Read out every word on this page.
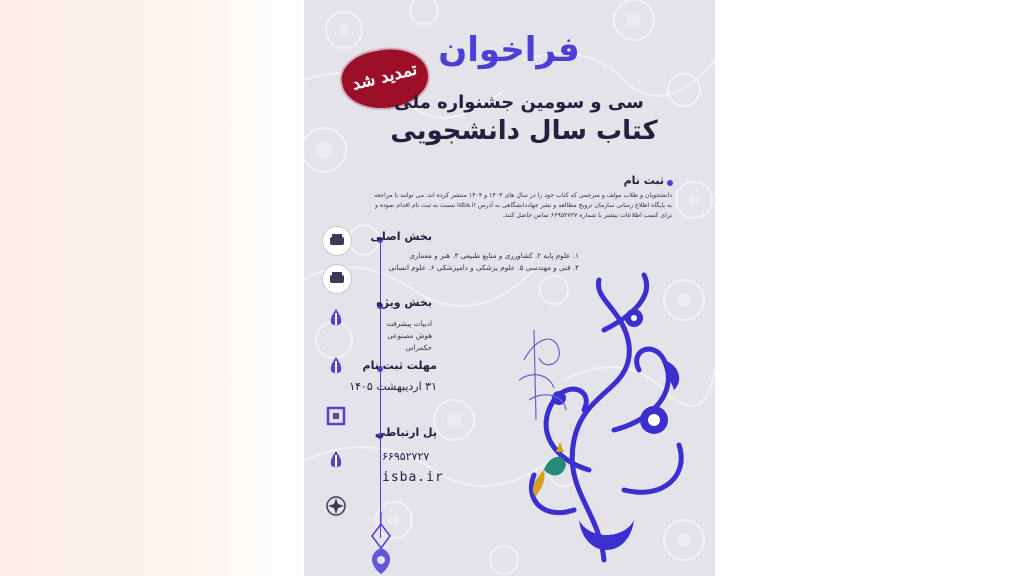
فراخوان

تمدید شد

سی و سومین جشنواره ملی

کتاب سال دانشجویی

ثبت نام

دانشجویان و طلاب مولف و مترجمی که کتاب خود را در سال های ۱۴۰۳ و ۱۴۰۴ منتشر کرده اند، می توانند با مراجعه به پایگاه اطلاع رسانی سازمان ترویج مطالعه و نشر جهاددانشگاهی به آدرس isba.ir نسبت به ثبت نام اقدام نموده و برای کسب اطلاعات بیشتر با شماره ۶۶۹۵۲۷۲۷ تماس حاصل کنند.

بخش اصلی

۱. علوم پایه ۲. کشاورزی و منابع طبیعی ۳. هنر و معماری

۴. فنی و مهندسی ۵. علوم پزشکی و دامپزشکی ۶. علوم انسانی

بخش ویژه

ادبیات پیشرفت

هوش مصنوعی

حکمرانی

مهلت ثبت نام

۳۱ اردیبهشت ۱۴۰۵

پل ارتباطی

۶۶۹۵۲۷۲۷

isba.ir
